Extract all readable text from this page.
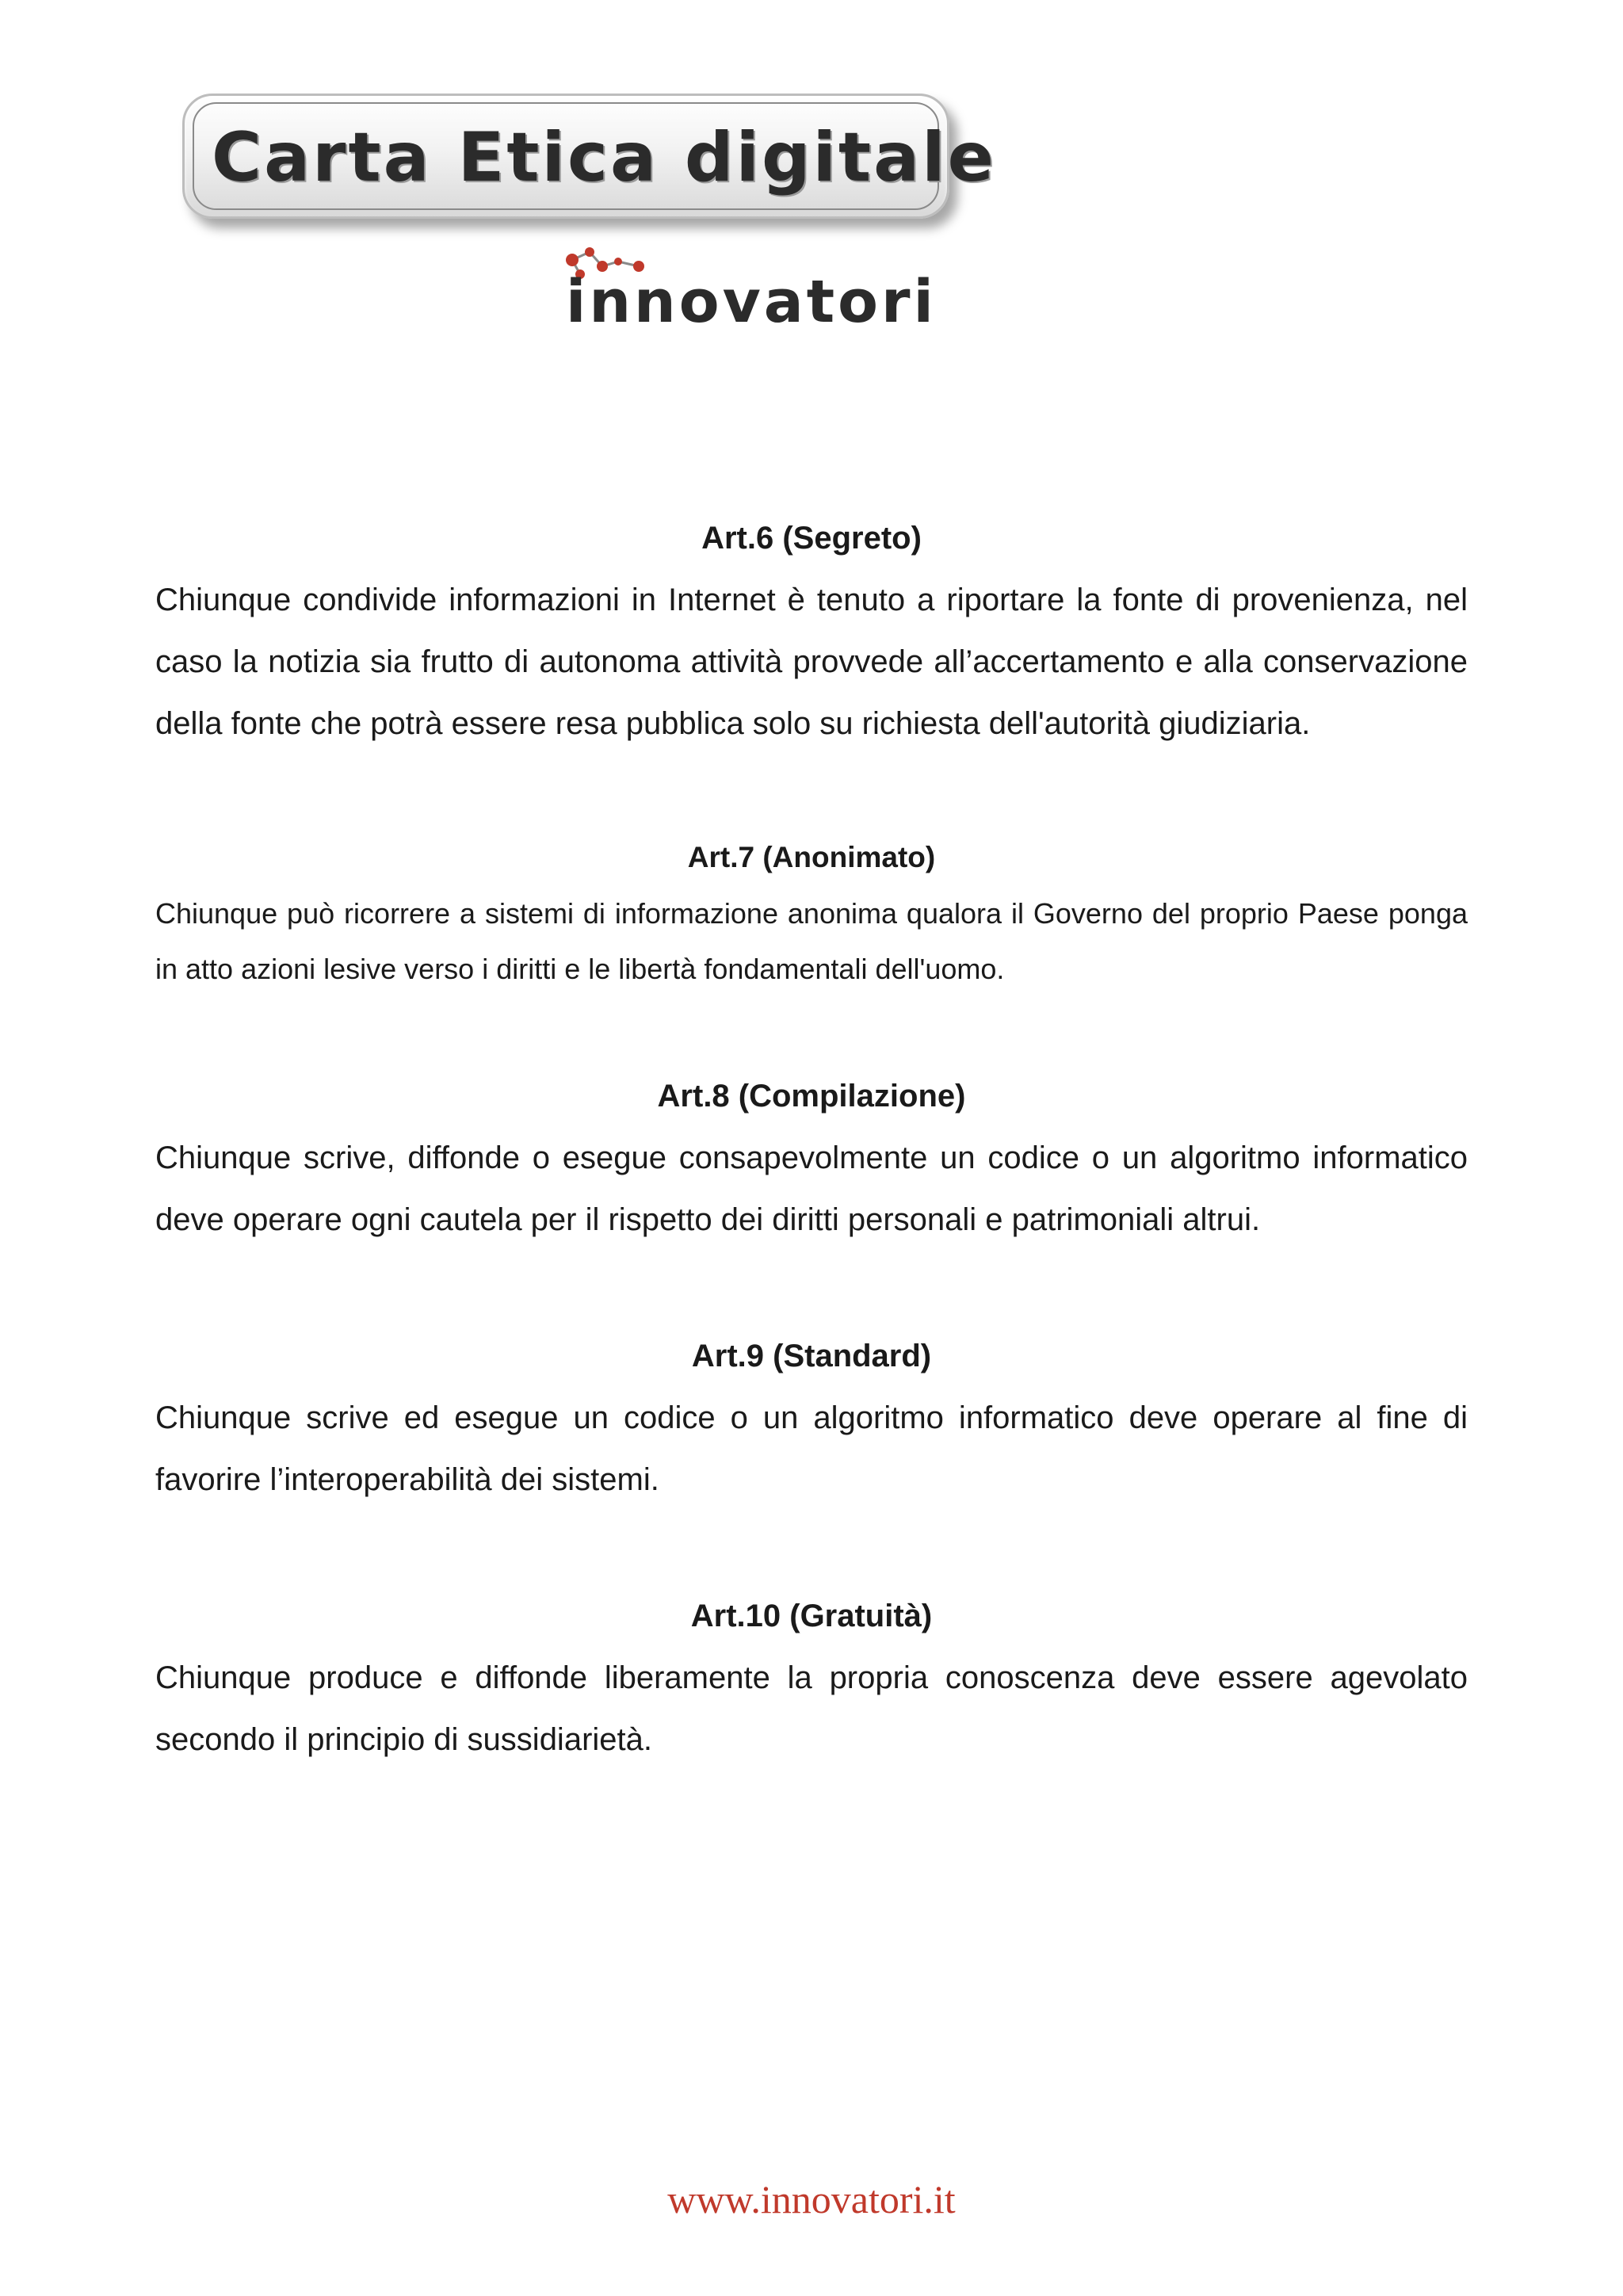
Carta Etica digitale
innovatori
Art.6 (Segreto)

Chiunque condivide informazioni in Internet è tenuto a riportare la fonte di provenienza, nel caso la notizia sia frutto di autonoma attività provvede all’accertamento e alla conservazione della fonte che potrà essere resa pubblica solo su richiesta dell'autorità giudiziaria.

Art.7 (Anonimato)

Chiunque può ricorrere a sistemi di informazione anonima qualora il Governo del proprio Paese ponga in atto azioni lesive verso i diritti e le libertà fondamentali dell'uomo.

Art.8 (Compilazione)

Chiunque scrive, diffonde o esegue consapevolmente un codice o un algoritmo informatico deve operare ogni cautela per il rispetto dei diritti personali e patrimoniali altrui.

Art.9 (Standard)

Chiunque scrive ed esegue un codice o un algoritmo informatico deve operare al fine di favorire l’interoperabilità dei sistemi.

Art.10 (Gratuità)

Chiunque produce e diffonde liberamente la propria conoscenza deve essere agevolato secondo il principio di sussidiarietà.

www.innovatori.it
